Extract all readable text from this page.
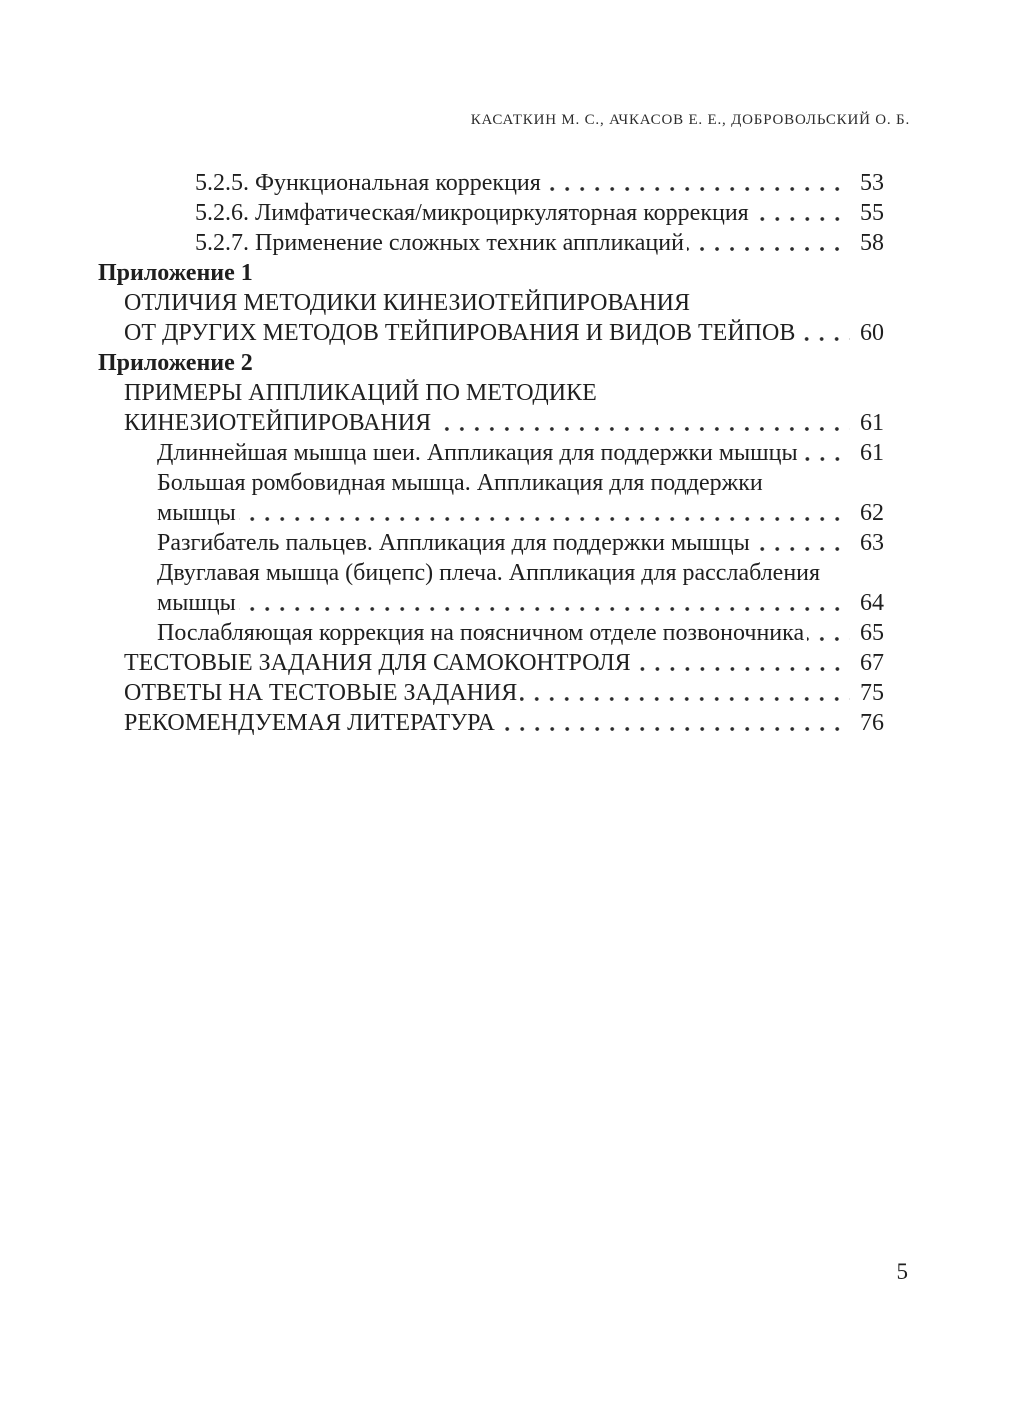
КАСАТКИН М. С., АЧКАСОВ Е. Е., ДОБРОВОЛЬСКИЙ О. Б.
5.2.5. Функциональная коррекция	53
5.2.6. Лимфатическая/микроциркуляторная коррекция	55
5.2.7. Применение сложных техник аппликаций	58
Приложение 1
ОТЛИЧИЯ МЕТОДИКИ КИНЕЗИОТЕЙПИРОВАНИЯ
ОТ ДРУГИХ МЕТОДОВ ТЕЙПИРОВАНИЯ И ВИДОВ ТЕЙПОВ	60
Приложение 2
ПРИМЕРЫ АППЛИКАЦИЙ ПО МЕТОДИКЕ
КИНЕЗИОТЕЙПИРОВАНИЯ	61
Длиннейшая мышца шеи. Аппликация для поддержки мышцы	61
Большая ромбовидная мышца. Аппликация для поддержки
мышцы	62
Разгибатель пальцев. Аппликация для поддержки мышцы	63
Двуглавая мышца (бицепс) плеча. Аппликация для расслабления
мышцы	64
Послабляющая коррекция на поясничном отделе позвоночника 65
ТЕСТОВЫЕ ЗАДАНИЯ ДЛЯ САМОКОНТРОЛЯ	67
ОТВЕТЫ НА ТЕСТОВЫЕ ЗАДАНИЯ	75
РЕКОМЕНДУЕМАЯ ЛИТЕРАТУРА	76
5
